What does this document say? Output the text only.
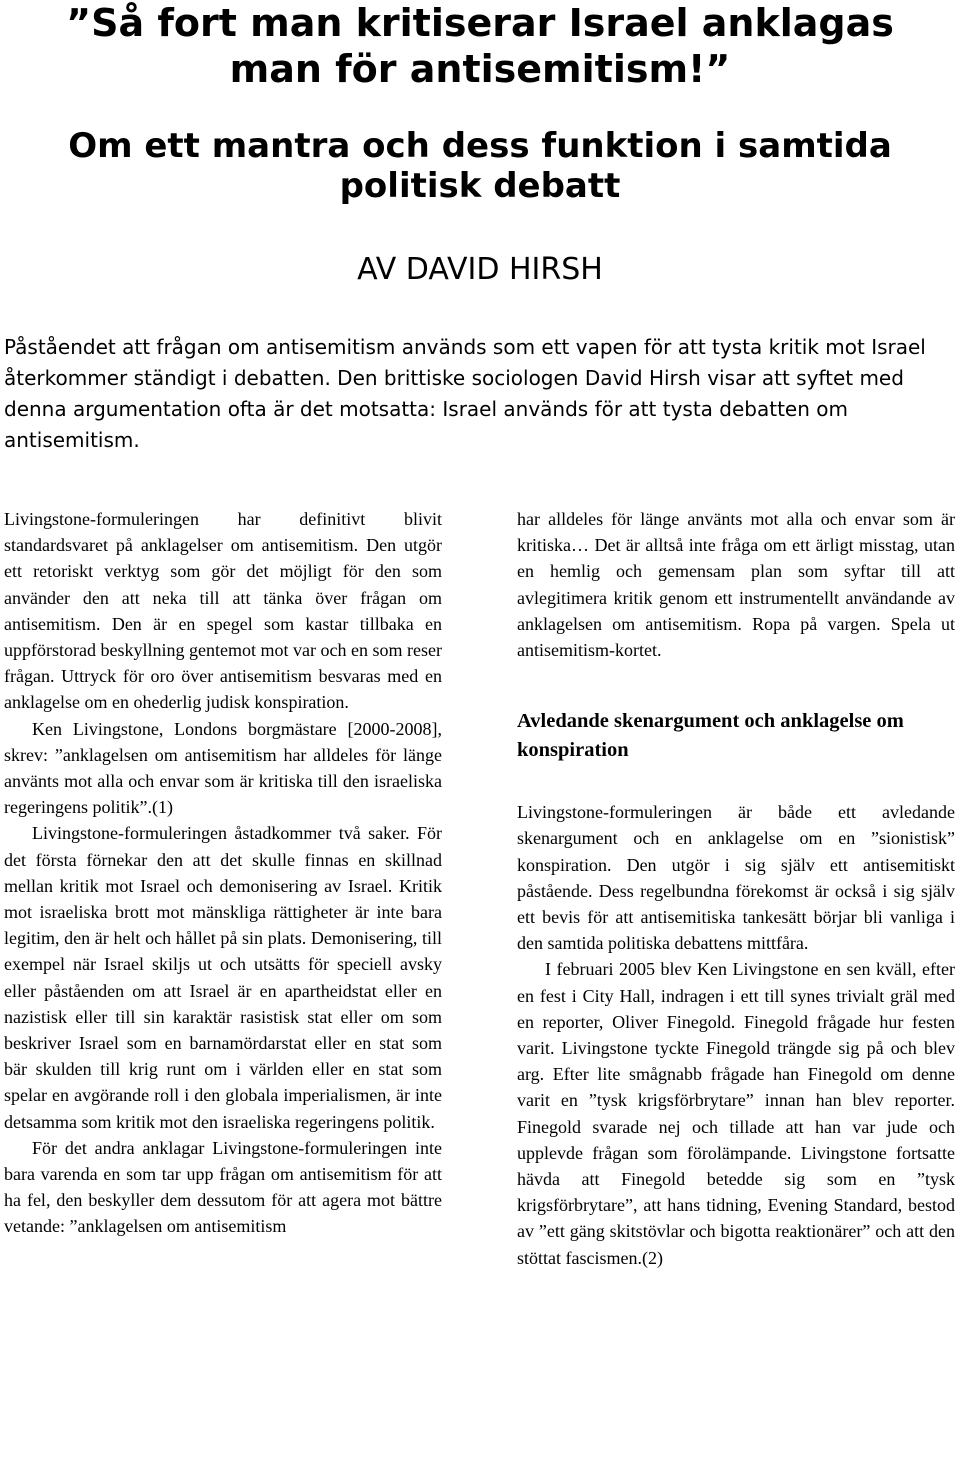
”Så fort man kritiserar Israel anklagas man för antisemitism!”
Om ett mantra och dess funktion i samtida politisk debatt
AV DAVID HIRSH

Påståendet att frågan om antisemitism används som ett vapen för att tysta kritik mot Israel återkommer ständigt i debatten. Den brittiske sociologen David Hirsh visar att syftet med denna argumentation ofta är det motsatta: Israel används för att tysta debatten om antisemitism.

Livingstone-formuleringen har definitivt blivit standardsvaret på anklagelser om antisemitism. Den utgör ett retoriskt verktyg som gör det möjligt för den som använder den att neka till att tänka över frågan om antisemitism. Den är en spegel som kastar tillbaka en uppförstorad beskyllning gentemot mot var och en som reser frågan. Uttryck för oro över antisemitism besvaras med en anklagelse om en ohederlig judisk konspiration.

Ken Livingstone, Londons borgmästare [2000-2008], skrev: ”anklagelsen om antisemitism har alldeles för länge använts mot alla och envar som är kritiska till den israeliska regeringens politik”.(1)

Livingstone-formuleringen åstadkommer två saker. För det första förnekar den att det skulle finnas en skillnad mellan kritik mot Israel och demonisering av Israel. Kritik mot israeliska brott mot mänskliga rättigheter är inte bara legitim, den är helt och hållet på sin plats. Demonisering, till exempel när Israel skiljs ut och utsätts för speciell avsky eller påståenden om att Israel är en apartheidstat eller en nazistisk eller till sin karaktär rasistisk stat eller om som beskriver Israel som en barnamördarstat eller en stat som bär skulden till krig runt om i världen eller en stat som spelar en avgörande roll i den globala imperialismen, är inte detsamma som kritik mot den israeliska regeringens politik.

För det andra anklagar Livingstone-formuleringen inte bara varenda en som tar upp frågan om antisemitism för att ha fel, den beskyller dem dessutom för att agera mot bättre vetande: ”anklagelsen om antisemitism

har alldeles för länge använts mot alla och envar som är kritiska… Det är alltså inte fråga om ett ärligt misstag, utan en hemlig och gemensam plan som syftar till att avlegitimera kritik genom ett instrumentellt användande av anklagelsen om antisemitism. Ropa på vargen. Spela ut antisemitism-kortet.

Avledande skenargument och anklagelse om konspiration

Livingstone-formuleringen är både ett avledande skenargument och en anklagelse om en ”sionistisk” konspiration. Den utgör i sig själv ett antisemitiskt påstående. Dess regelbundna förekomst är också i sig själv ett bevis för att antisemitiska tankesätt börjar bli vanliga i den samtida politiska debattens mittfåra.

I februari 2005 blev Ken Livingstone en sen kväll, efter en fest i City Hall, indragen i ett till synes trivialt gräl med en reporter, Oliver Finegold. Finegold frågade hur festen varit. Livingstone tyckte Finegold trängde sig på och blev arg. Efter lite smågnabb frågade han Finegold om denne varit en ”tysk krigsförbrytare” innan han blev reporter. Finegold svarade nej och tillade att han var jude och upplevde frågan som förolämpande. Livingstone fortsatte hävda att Finegold betedde sig som en ”tysk krigsförbrytare”, att hans tidning, Evening Standard, bestod av ”ett gäng skitstövlar och bigotta reaktionärer” och att den stöttat fascismen.(2)
